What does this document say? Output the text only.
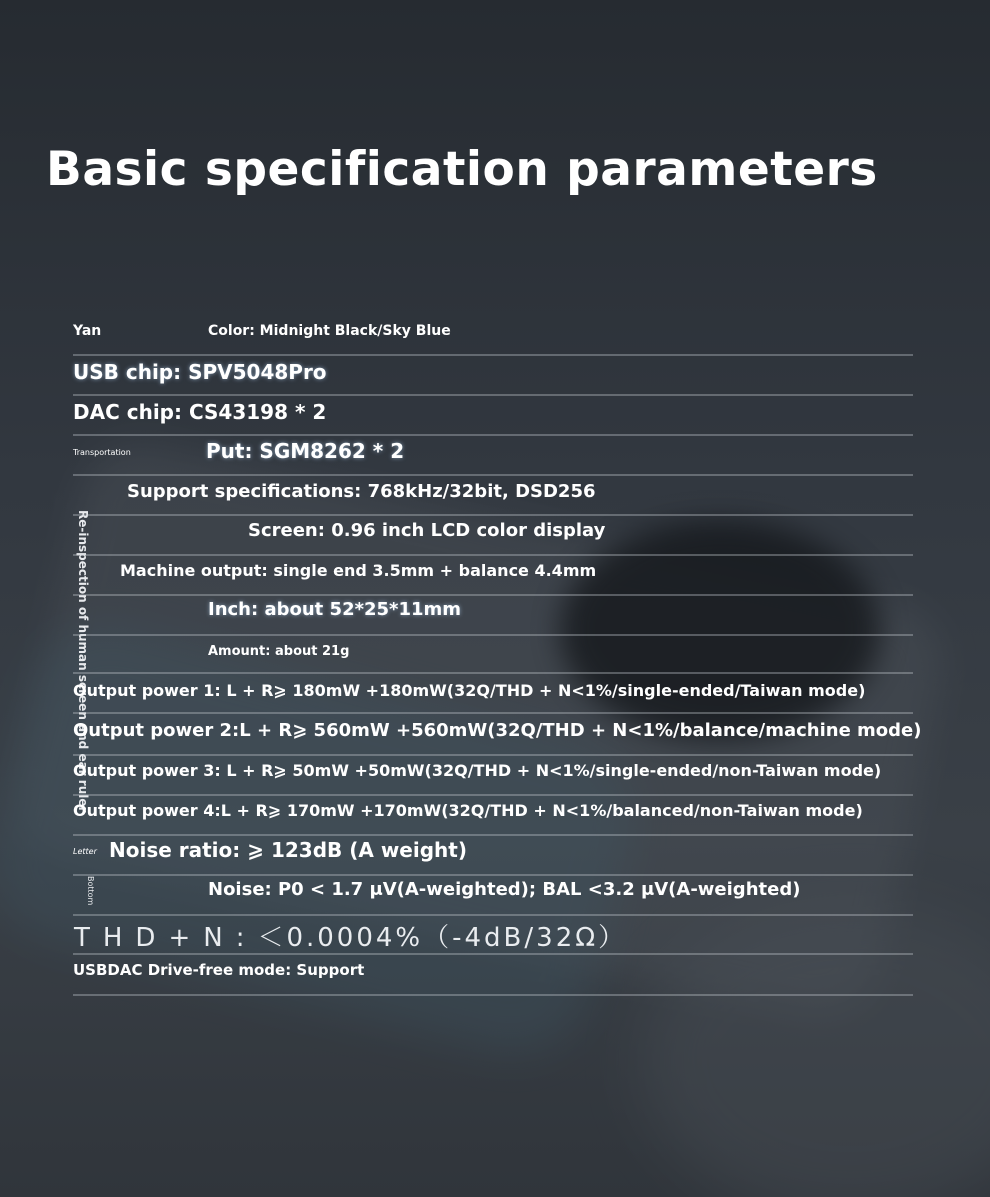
Basic specification parameters
Yan	Color: Midnight Black/Sky Blue
USB chip: SPV5048Pro
DAC chip: CS43198 * 2
Transportation	Put: SGM8262 * 2
Re-inspection of human screen and ear ruler
Support specifications: 768kHz/32bit, DSD256
Screen: 0.96 inch LCD color display
Machine output: single end 3.5mm + balance 4.4mm
Inch: about 52*25*11mm
Amount: about 21g
Output power 1: L + R⩾ 180mW +180mW(32Q/THD + N<1%/single-ended/Taiwan mode)
Output power 2:L + R⩾ 560mW +560mW(32Q/THD + N<1%/balance/machine mode)
Output power 3: L + R⩾ 50mW +50mW(32Q/THD + N<1%/single-ended/non-Taiwan mode)
Output power 4:L + R⩾ 170mW +170mW(32Q/THD + N<1%/balanced/non-Taiwan mode)
Letter Noise ratio: ⩾ 123dB (A weight)
Bottom	Noise: P0 < 1.7 μV(A-weighted); BAL <3.2 μV(A-weighted)
THD+N:＜0.0004%（-4dB/32Ω）
USBDAC Drive-free mode: Support
